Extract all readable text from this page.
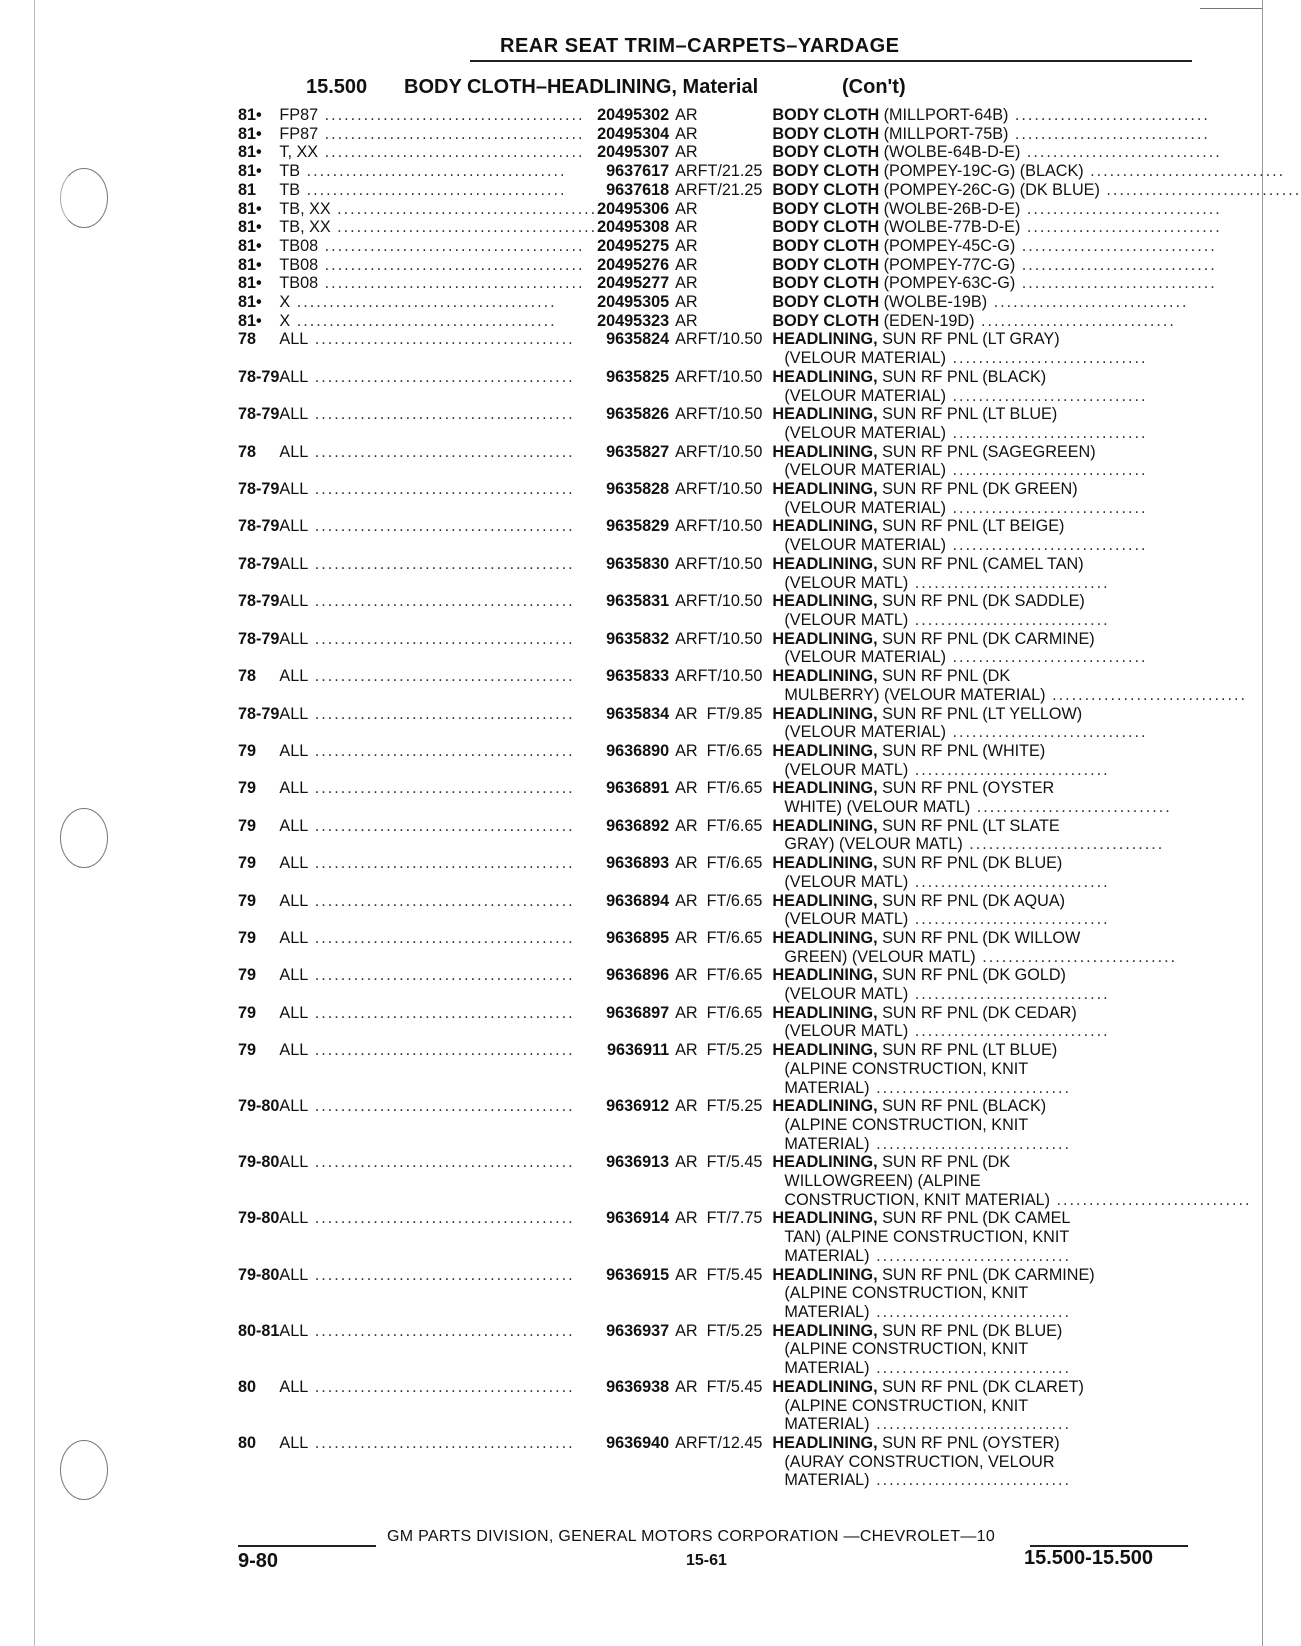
REAR SEAT TRIM–CARPETS–YARDAGE
15.500 BODY CLOTH–HEADLINING, Material	(Con't)
81•	FP87 ........................................	20495302	AR		BODY CLOTH (MILLPORT-64B) ..............................

81•	FP87 ........................................	20495304	AR		BODY CLOTH (MILLPORT-75B) ..............................

81•	T, XX ........................................	20495307	AR		BODY CLOTH (WOLBE-64B-D-E) ..............................

81•	TB ........................................	9637617	AR	FT/21.25	BODY CLOTH (POMPEY-19C-G) (BLACK) ..............................

81	TB ........................................	9637618	AR	FT/21.25	BODY CLOTH (POMPEY-26C-G) (DK BLUE) ..............................

81•	TB, XX ........................................	20495306	AR		BODY CLOTH (WOLBE-26B-D-E) ..............................

81•	TB, XX ........................................	20495308	AR		BODY CLOTH (WOLBE-77B-D-E) ..............................

81•	TB08 ........................................	20495275	AR		BODY CLOTH (POMPEY-45C-G) ..............................

81•	TB08 ........................................	20495276	AR		BODY CLOTH (POMPEY-77C-G) ..............................

81•	TB08 ........................................	20495277	AR		BODY CLOTH (POMPEY-63C-G) ..............................

81•	X ........................................	20495305	AR		BODY CLOTH (WOLBE-19B) ..............................

81•	X ........................................	20495323	AR		BODY CLOTH (EDEN-19D) ..............................

78	ALL ........................................	9635824	AR	FT/10.50	HEADLINING, SUN RF PNL (LT GRAY)
(VELOUR MATERIAL) ..............................

78-79	ALL ........................................	9635825	AR	FT/10.50	HEADLINING, SUN RF PNL (BLACK)
(VELOUR MATERIAL) ..............................

78-79	ALL ........................................	9635826	AR	FT/10.50	HEADLINING, SUN RF PNL (LT BLUE)
(VELOUR MATERIAL) ..............................

78	ALL ........................................	9635827	AR	FT/10.50	HEADLINING, SUN RF PNL (SAGEGREEN)
(VELOUR MATERIAL) ..............................

78-79	ALL ........................................	9635828	AR	FT/10.50	HEADLINING, SUN RF PNL (DK GREEN)
(VELOUR MATERIAL) ..............................

78-79	ALL ........................................	9635829	AR	FT/10.50	HEADLINING, SUN RF PNL (LT BEIGE)
(VELOUR MATERIAL) ..............................

78-79	ALL ........................................	9635830	AR	FT/10.50	HEADLINING, SUN RF PNL (CAMEL TAN)
(VELOUR MATL) ..............................

78-79	ALL ........................................	9635831	AR	FT/10.50	HEADLINING, SUN RF PNL (DK SADDLE)
(VELOUR MATL) ..............................

78-79	ALL ........................................	9635832	AR	FT/10.50	HEADLINING, SUN RF PNL (DK CARMINE)
(VELOUR MATERIAL) ..............................

78	ALL ........................................	9635833	AR	FT/10.50	HEADLINING, SUN RF PNL (DK
MULBERRY) (VELOUR MATERIAL) ..............................

78-79	ALL ........................................	9635834	AR	FT/9.85	HEADLINING, SUN RF PNL (LT YELLOW)
(VELOUR MATERIAL) ..............................

79	ALL ........................................	9636890	AR	FT/6.65	HEADLINING, SUN RF PNL (WHITE)
(VELOUR MATL) ..............................

79	ALL ........................................	9636891	AR	FT/6.65	HEADLINING, SUN RF PNL (OYSTER
WHITE) (VELOUR MATL) ..............................

79	ALL ........................................	9636892	AR	FT/6.65	HEADLINING, SUN RF PNL (LT SLATE
GRAY) (VELOUR MATL) ..............................

79	ALL ........................................	9636893	AR	FT/6.65	HEADLINING, SUN RF PNL (DK BLUE)
(VELOUR MATL) ..............................

79	ALL ........................................	9636894	AR	FT/6.65	HEADLINING, SUN RF PNL (DK AQUA)
(VELOUR MATL) ..............................

79	ALL ........................................	9636895	AR	FT/6.65	HEADLINING, SUN RF PNL (DK WILLOW
GREEN) (VELOUR MATL) ..............................

79	ALL ........................................	9636896	AR	FT/6.65	HEADLINING, SUN RF PNL (DK GOLD)
(VELOUR MATL) ..............................

79	ALL ........................................	9636897	AR	FT/6.65	HEADLINING, SUN RF PNL (DK CEDAR)
(VELOUR MATL) ..............................

79	ALL ........................................	9636911	AR	FT/5.25	HEADLINING, SUN RF PNL (LT BLUE)
(ALPINE CONSTRUCTION, KNIT
MATERIAL) ..............................

79-80	ALL ........................................	9636912	AR	FT/5.25	HEADLINING, SUN RF PNL (BLACK)
(ALPINE CONSTRUCTION, KNIT
MATERIAL) ..............................

79-80	ALL ........................................	9636913	AR	FT/5.45	HEADLINING, SUN RF PNL (DK
WILLOWGREEN) (ALPINE
CONSTRUCTION, KNIT MATERIAL) ..............................

79-80	ALL ........................................	9636914	AR	FT/7.75	HEADLINING, SUN RF PNL (DK CAMEL
TAN) (ALPINE CONSTRUCTION, KNIT
MATERIAL) ..............................

79-80	ALL ........................................	9636915	AR	FT/5.45	HEADLINING, SUN RF PNL (DK CARMINE)
(ALPINE CONSTRUCTION, KNIT
MATERIAL) ..............................

80-81	ALL ........................................	9636937	AR	FT/5.25	HEADLINING, SUN RF PNL (DK BLUE)
(ALPINE CONSTRUCTION, KNIT
MATERIAL) ..............................

80	ALL ........................................	9636938	AR	FT/5.45	HEADLINING, SUN RF PNL (DK CLARET)
(ALPINE CONSTRUCTION, KNIT
MATERIAL) ..............................

80	ALL ........................................	9636940	AR	FT/12.45	HEADLINING, SUN RF PNL (OYSTER)
(AURAY CONSTRUCTION, VELOUR
MATERIAL) ..............................
GM PARTS DIVISION, GENERAL MOTORS CORPORATION —CHEVROLET—10
9-80	15-61	15.500-15.500
